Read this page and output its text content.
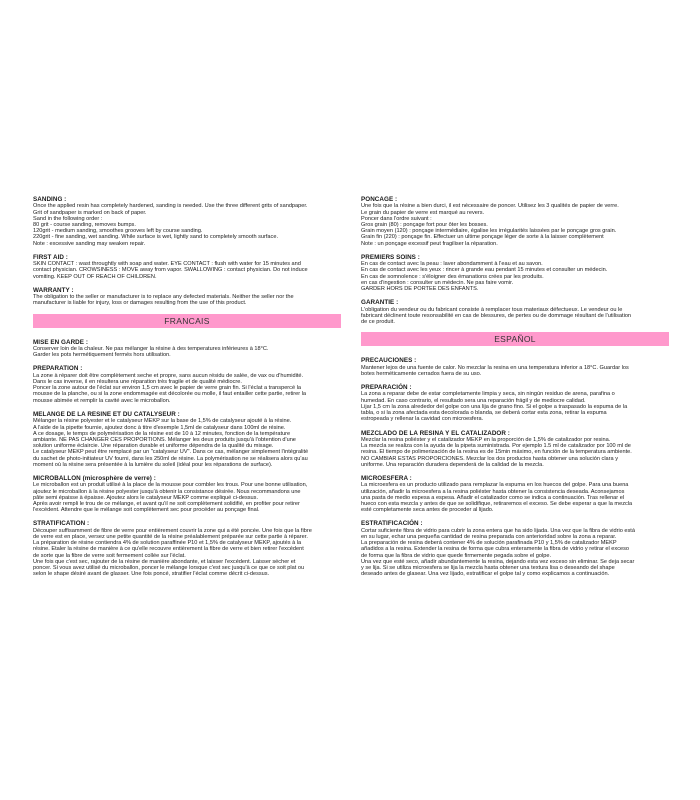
SANDING :

Once the applied resin has completely hardened, sanding is needed. Use the three different grits of sandpaper.

Grit of sandpaper is marked on back of paper.

Sand in the following order :

80 grit - course sanding, removes bumps.

120grit - medium sanding, smoothes grooves left by course sanding.

220grit - fine sanding, wet sanding. While surface is wet, lightly sand to completely smooth surface.

Note : excessive sanding may weaken repair.

FIRST AID :

SKIN CONTACT : wast throughtly with soap and water. EYE CONTACT : flush with water for 15 minutes and

contact physician. CROWSINESS : MOVE away from vapor. SWALLOWING : contact physician. Do not induce

vomiting. KEEP OUT OF REACH OF CHILDREN.

WARRANTY :

The obligation to the seller or manufacturer is to replace any defected materials. Neither the seller nor the

manufacturer is liable for injury, loss or damages resulting from the use of this product.

FRANCAIS

MISE EN GARDE :

Conserver loin de la chaleur. Ne pas mélanger la résine à des temperatures inférieures à 18°C.

Garder les pots hermétiquement fermés hors utilisation.

PREPARATION :

La zone à réparer doit être complètement seche et propre, sans aucun résidu de salée, de vax ou d'humidité.

Dans le cas inverse, il en résultera une réparation très fragile et de qualité médiocre.

Poncer la zone autour de l'éclat sur environ 1,5 cm avec le papier de verre grain fin. Si l'éclat a transpercé la

mousse de la planche, ou si la zone endommagée est décolorée ou molle, il faut entailler cette partie, retirer la

mousse abimée et remplir la cavité avec le microballon.

MELANGE DE LA RESINE ET DU CATALYSEUR :

Mélanger la résine polyester et le catalyseur MEKP sur la base de 1,5% de catalyseur ajouté à la résine.

A l'aide de la pipette fournie, ajoutez donc à titre d'exemple 1,5ml de catalyseur dans 100ml de résine.

A ce dosage, le temps de polymérisation de la résine est de 10 à 12 minutes, fonction de la température

ambiante. NE PAS CHANGER CES PROPORTIONS. Mélanger les deux produits jusqu'à l'obtention d'une

solution uniforme éclaircie. Une réparation durable et uniforme dépendra de la qualité du mixage.

Le catalyseur MEKP peut être remplacé par un "catalyseur UV". Dans ce cas, mélanger simplement l'intégralité

du sachet de photo-initiateur UV fourni, dans les 250ml de résine. La polymérisation ne se réalisera alors qu'au

moment où la résine sera présentée à la lumière du soleil (idéal pour les réparations de surface).

MICROBALLON (microsphère de verre) :

Le microballon est un produit utilisé à la place de la mousse pour combler les trous. Pour une bonne utilisation,

ajoutez le microballon à la résine polyester jusqu'à obtenir la consistance désirée. Nous recommandons une

pâte semi épaisse à épaisse. Ajoutez alors le catalyseur MEKP comme expliqué ci-dessus.

Après avoir rempli le trou de ce mélange, et avant qu'il ne soit complètement solidifié, en profiter pour retirer

l'excédent. Attendre que le mélange soit complètement sec pour procéder au ponçage final.

STRATIFICATION :

Découper suffisamment de fibre de verre pour entièrement couvrir la zone qui a été poncée. Une fois que la fibre

de verre est en place, versez une petite quantité de la résine préalablement préparée sur cette partie à réparer.

La préparation de résine contiendra 4% de solution paraffinée P10 et 1,5% de catalyseur MEKP, ajoutés à la

résine. Etaler la résine de manière à ce qu'elle recouvre entièrement la fibre de verre et bien retirer l'excédent

de sorte que la fibre de verre soit fermement collée sur l'éclat.

Une fois que c'est sec, rajouter de la résine de manière abondante, et laisser l'excédent. Laisser sécher et

poncer. Si vous avez utilisé du microballon, poncer le mélange lorsque c'est sec jusqu'à ce que ce soit plat ou

selon le shape désiré avant de glasser. Une fois poncé, stratifier l'éclat comme décrit ci-dessus.

PONCAGE :

Une fois que la résine a bien durci, il est nécessaire de poncer. Utilisez les 3 qualités de papier de verre.

Le grain du papier de verre est marqué au revers.

Poncer dans l'ordre suivant :

Gros grain (80) : ponçage fort pour ôter les bosses.

Grain moyen (120) : ponçage intermédiaire, égalise les irrégularités laissées par le ponçage gros grain.

Grain fin (220) : ponçage fin. Effectuer un ultime ponçage léger de sorte à la laisser complètement

Note : un ponçage excessif peut fragiliser la réparation.

PREMIERS SOINS :

En cas de contact avec la peau : laver abondamment à l'eau et au savon.

En cas de contact avec les yeux : rincer à grande eau pendant 15 minutes et consulter un médecin.

En cas de somnolence : s'éloigner des émanations crées par les produits.

en cas d'ingestion : consulter un médecin. Ne pas faire vomir.

GARDER HORS DE PORTEE DES ENFANTS.

GARANTIE :

L'obligation du vendeur ou du fabricant consiste à remplacer tous materiaux défectueux. Le vendeur ou le

fabricant déclinent toute resonsabilité en cas de blessures, de pertes ou de dommage résultant de l'utilisation

de ce produit.

ESPAÑOL

PRECAUCIONES :

Mantener lejos de una fuente de calor. No mezclar la resina en una temperatura inferior a 18°C. Guardar los

botes herméticamente cerrados fuera de su uso.

PREPARACIÓN :

La zona a reparar debe de estar completamente limpia y seca, sin ningún residuo de arena, parafina o

humedad. En caso contrario, el resultado sera una reparación frágil y de mediocre calidad.

Lijar 1,5 cm la zona alrededor del golpe con una lija de grano fino. Si el golpe a traspasado la espuma de la

tabla, o si la zona afectada esta decolorada o blanda, se deberá cortar esta zona, retirar la espuma

estropeada y rellenar la cavidad con microesfera.

MEZCLADO DE LA RESINA Y EL CATALIZADOR :

Mezclar la resina poliéster y el catalizador MEKP en la proporción de 1,5% de catalizador por resina.

La mezcla se realiza con la ayuda de la pipeta suministrada. Por ejemplo 1.5 ml de catalizador por 100 ml de

resina. El tiempo de polimerización de la resina es de 15min máximo, en función de la temperatura ambiente.

NO CAMBIAR ESTAS PROPORCIONES. Mezclar los dos productos hasta obtener una solución clara y

uniforme. Una reparación duradera dependerá de la calidad de la mezcla.

MICROESFERA :

La microesfera es un producto utilizado para remplazar la espuma en los huecos del golpe. Para una buena

utilización, añadir la microesfera a la resina poliéster hasta obtener la consistencia deseada. Aconsejamos

una pasta de medio espesa a espesa. Añadir el catalizador como se indica a continuación. Tras rellenar el

hueco con esta mezcla y antes de que se solidifique, retiraremos el exceso. Se debe esperar a que la mezcla

esté completamente seca antes de proceder al lijado.

ESTRATIFICACIÓN :

Cortar suficiente fibra de vidrio para cubrir la zona entera que ha sido lijada. Una vez que la fibra de vidrio está

en su lugar, echar una pequeña cantidad de resina preparada con anterioridad sobre la zona a reparar.

La preparación de resina deberá contener 4% de solución parafinada P10 y 1,5% de catalizador MEKP

añadidos a la resina. Extender la resina de forma que cubra enteramente la fibra de vidrio y retirar el exceso

de forma que la fibra de vidrio que quede firmemente pegada sobre el golpe.

Una vez que esté seco, añadir abundantemente la resina, dejando esta vez exceso sin eliminar. Se deja secar

y se lija. Si se utiliza microesfera se lija la mezcla hasta obtener una textura lisa o deseando del shape

deseado antes de glasear. Una vez lijado, estratificar el golpe tal y como explicamos a continuación.
